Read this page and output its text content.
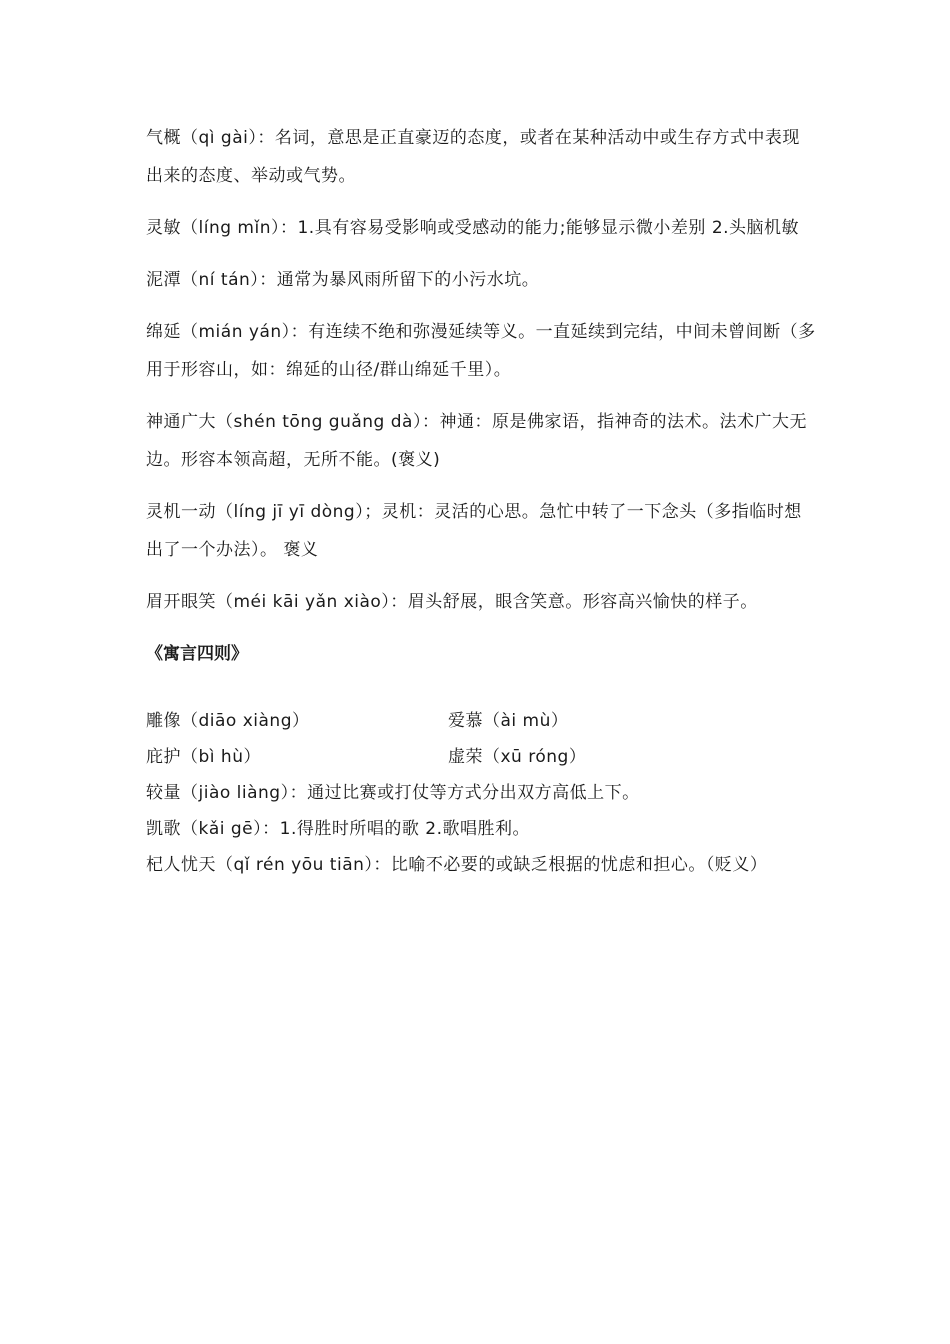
气概（qì gài）：名词，意思是正直豪迈的态度，或者在某种活动中或生存方式中表现出来的态度、举动或气势。

灵敏（líng mǐn）：1.具有容易受影响或受感动的能力;能够显示微小差别 2.头脑机敏

泥潭（ní tán）：通常为暴风雨所留下的小污水坑。

绵延（mián yán）：有连续不绝和弥漫延续等义。一直延续到完结，中间未曾间断（多用于形容山，如：绵延的山径/群山绵延千里）。

神通广大（shén tōng guǎng dà）：神通：原是佛家语，指神奇的法术。法术广大无边。形容本领高超，无所不能。(褒义)

灵机一动（líng jī yī dòng）；灵机：灵活的心思。急忙中转了一下念头（多指临时想出了一个办法）。 褒义

眉开眼笑（méi kāi yǎn xiào）：眉头舒展，眼含笑意。形容高兴愉快的样子。

《寓言四则》
雕像（diāo xiàng）	爱慕（ài mù）
庇护（bì hù）	虚荣（xū róng）

较量（jiào liàng）：通过比赛或打仗等方式分出双方高低上下。

凯歌（kǎi gē）：1.得胜时所唱的歌 2.歌唱胜利。

杞人忧天（qǐ rén yōu tiān）：比喻不必要的或缺乏根据的忧虑和担心。（贬义）
